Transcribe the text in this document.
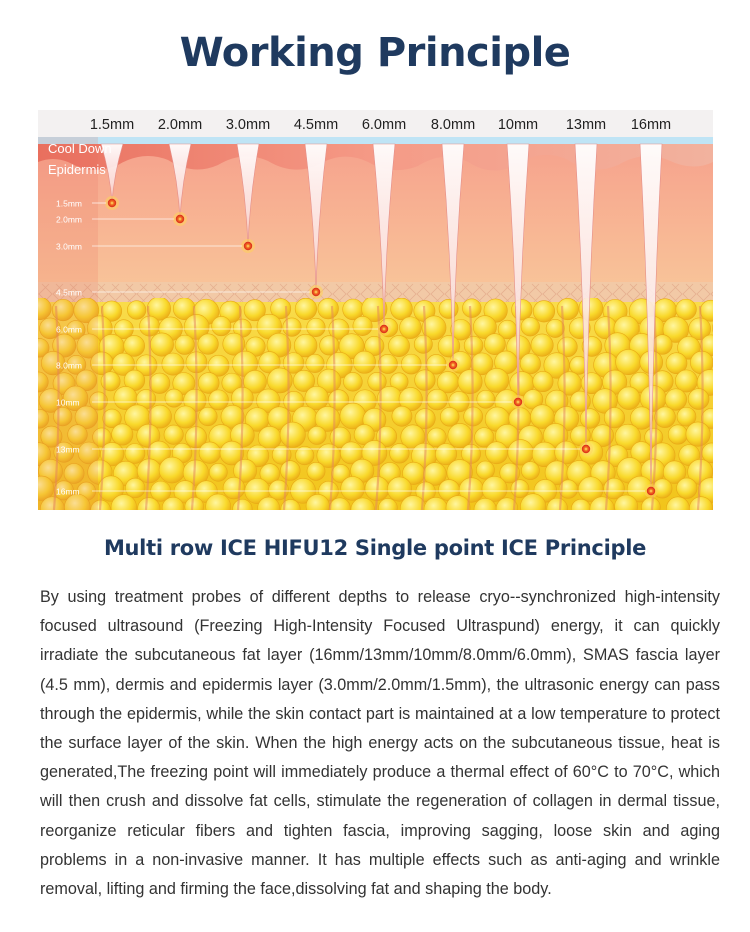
Working Principle
1.5mm
2.0mm
3.0mm
4.5mm
6.0mm
8.0mm
10mm
13mm
16mm
1.5mm 2.0mm 3.0mm 4.5mm 6.0mm 8.0mm 10mm 13mm 16mm
Cool Down
Epidermis
Multi row ICE HIFU12 Single point ICE Principle

By using treatment probes of different depths to release cryo--synchronized high-intensity focused ultrasound (Freezing High-Intensity Focused Ultraspund) energy, it can quickly irradiate the subcutaneous fat layer (16mm/13mm/10mm/8.0mm/6.0mm), SMAS fascia layer (4.5 mm), dermis and epidermis layer (3.0mm/2.0mm/1.5mm), the ultrasonic energy can pass through the epidermis, while the skin contact part is maintained at a low temperature to protect the surface layer of the skin. When the high energy acts on the subcutaneous tissue, heat is generated,The freezing point will immediately produce a thermal effect of 60°C to 70°C, which will then crush and dissolve fat cells, stimulate the regeneration of collagen in dermal tissue, reorganize reticular fibers and tighten fascia, improving sagging, loose skin and aging problems in a non-invasive manner. It has multiple effects such as anti-aging and wrinkle removal, lifting and firming the face,dissolving fat and shaping the body.
